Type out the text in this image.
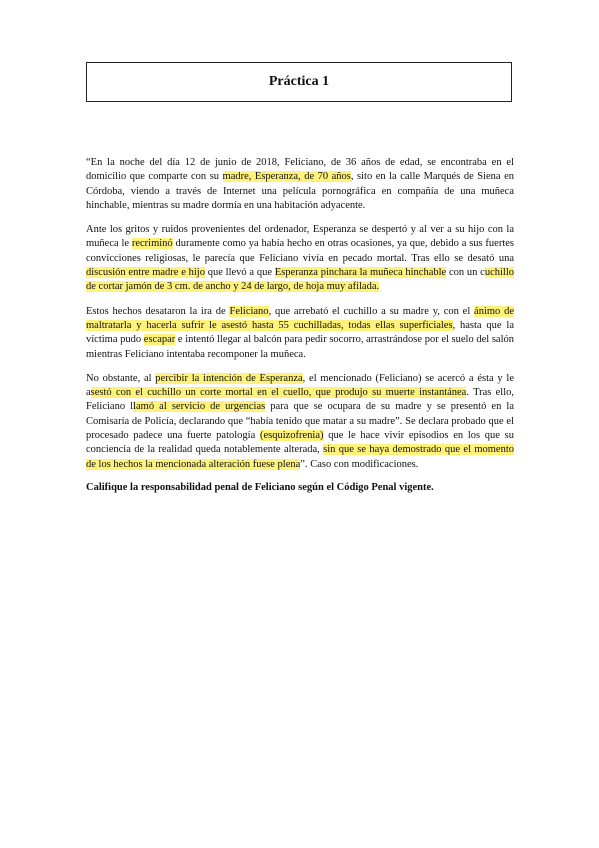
Práctica 1

“En la noche del día 12 de junio de 2018, Feliciano, de 36 años de edad, se encontraba en el domicilio que comparte con su madre, Esperanza, de 70 años, sito en la calle Marqués de Siena en Córdoba, viendo a través de Internet una película pornográfica en compañía de una muñeca hinchable, mientras su madre dormía en una habitación adyacente.

Ante los gritos y ruidos provenientes del ordenador, Esperanza se despertó y al ver a su hijo con la muñeca le recriminó duramente como ya había hecho en otras ocasiones, ya que, debido a sus fuertes convicciones religiosas, le parecía que Feliciano vivía en pecado mortal. Tras ello se desató una discusión entre madre e hijo que llevó a que Esperanza pinchara la muñeca hinchable con un cuchillo de cortar jamón de 3 cm. de ancho y 24 de largo, de hoja muy afilada.

Estos hechos desataron la ira de Feliciano, que arrebató el cuchillo a su madre y, con el ánimo de maltratarla y hacerla sufrir le asestó hasta 55 cuchilladas, todas ellas superficiales, hasta que la víctima pudo escapar e intentó llegar al balcón para pedir socorro, arrastrándose por el suelo del salón mientras Feliciano intentaba recomponer la muñeca.

No obstante, al percibir la intención de Esperanza, el mencionado (Feliciano) se acercó a ésta y le asestó con el cuchillo un corte mortal en el cuello, que produjo su muerte instantánea. Tras ello, Feliciano llamó al servicio de urgencias para que se ocupara de su madre y se presentó en la Comisaría de Policía, declarando que “había tenido que matar a su madre”. Se declara probado que el procesado padece una fuerte patología (esquizofrenia) que le hace vivir episodios en los que su conciencia de la realidad queda notablemente alterada, sin que se haya demostrado que el momento de los hechos la mencionada alteración fuese plena”. Caso con modificaciones.

Califique la responsabilidad penal de Feliciano según el Código Penal vigente.
